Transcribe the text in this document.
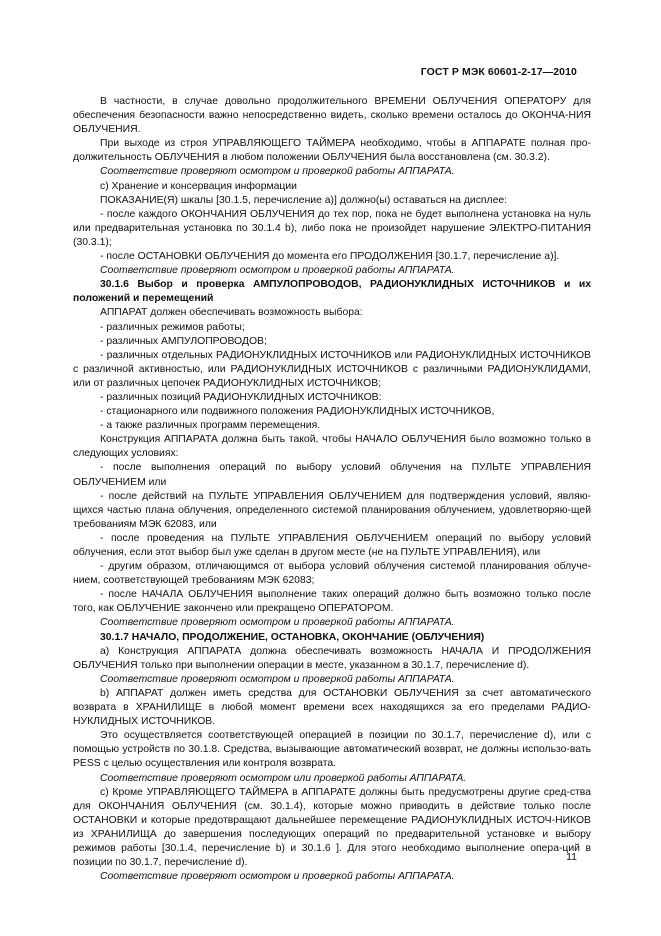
ГОСТ Р МЭК 60601-2-17—2010

В частности, в случае довольно продолжительного ВРЕМЕНИ ОБЛУЧЕНИЯ ОПЕРАТОРУ для обеспечения безопасности важно непосредственно видеть, сколько времени осталось до ОКОНЧА-НИЯ ОБЛУЧЕНИЯ.

При выходе из строя УПРАВЛЯЮЩЕГО ТАЙМЕРА необходимо, чтобы в АППАРАТЕ полная про-должительность ОБЛУЧЕНИЯ в любом положении ОБЛУЧЕНИЯ была восстановлена (см. 30.3.2).

Соответствие проверяют осмотром и проверкой работы АППАРАТА.

c) Хранение и консервация информации

ПОКАЗАНИЕ(Я) шкалы [30.1.5, перечисление а)] должно(ы) оставаться на дисплее:

- после каждого ОКОНЧАНИЯ ОБЛУЧЕНИЯ до тех пор, пока не будет выполнена установка на нуль или предварительная установка по 30.1.4 b), либо пока не произойдет нарушение ЭЛЕКТРО-ПИТАНИЯ (30.3.1);

- после ОСТАНОВКИ ОБЛУЧЕНИЯ до момента его ПРОДОЛЖЕНИЯ [30.1.7, перечисление а)].

Соответствие проверяют осмотром и проверкой работы АППАРАТА.

30.1.6 Выбор и проверка АМПУЛОПРОВОДОВ, РАДИОНУКЛИДНЫХ ИСТОЧНИКОВ и их положений и перемещений

АППАРАТ должен обеспечивать возможность выбора:

- различных режимов работы;

- различных АМПУЛОПРОВОДОВ;

- различных отдельных РАДИОНУКЛИДНЫХ ИСТОЧНИКОВ или РАДИОНУКЛИДНЫХ ИСТОЧНИКОВ с различной активностью, или РАДИОНУКЛИДНЫХ ИСТОЧНИКОВ с различными РАДИОНУКЛИДАМИ, или от различных цепочек РАДИОНУКЛИДНЫХ ИСТОЧНИКОВ;

- различных позиций РАДИОНУКЛИДНЫХ ИСТОЧНИКОВ:

- стационарного или подвижного положения РАДИОНУКЛИДНЫХ ИСТОЧНИКОВ,

- а также различных программ перемещения.

Конструкция АППАРАТА должна быть такой, чтобы НАЧАЛО ОБЛУЧЕНИЯ было возможно только в следующих условиях:

- после выполнения операций по выбору условий облучения на ПУЛЬТЕ УПРАВЛЕНИЯ ОБЛУЧЕНИЕМ или

- после действий на ПУЛЬТЕ УПРАВЛЕНИЯ ОБЛУЧЕНИЕМ для подтверждения условий, являю-щихся частью плана облучения, определенного системой планирования облучением, удовлетворяю-щей требованиям МЭК 62083, или

- после проведения на ПУЛЬТЕ УПРАВЛЕНИЯ ОБЛУЧЕНИЕМ операций по выбору условий облучения, если этот выбор был уже сделан в другом месте (не на ПУЛЬТЕ УПРАВЛЕНИЯ), или

- другим образом, отличающимся от выбора условий облучения системой планирования облуче-нием, соответствующей требованиям МЭК 62083;

- после НАЧАЛА ОБЛУЧЕНИЯ выполнение таких операций должно быть возможно только после того, как ОБЛУЧЕНИЕ закончено или прекращено ОПЕРАТОРОМ.

Соответствие проверяют осмотром и проверкой работы АППАРАТА.

30.1.7 НАЧАЛО, ПРОДОЛЖЕНИЕ, ОСТАНОВКА, ОКОНЧАНИЕ (ОБЛУЧЕНИЯ)

a) Конструкция АППАРАТА должна обеспечивать возможность НАЧАЛА И ПРОДОЛЖЕНИЯ ОБЛУЧЕНИЯ только при выполнении операции в месте, указанном в 30.1.7, перечисление d).

Соответствие проверяют осмотром и проверкой работы АППАРАТА.

b) АППАРАТ должен иметь средства для ОСТАНОВКИ ОБЛУЧЕНИЯ за счет автоматического возврата в ХРАНИЛИЩЕ в любой момент времени всех находящихся за его пределами РАДИО-НУКЛИДНЫХ ИСТОЧНИКОВ.

Это осуществляется соответствующей операцией в позиции по 30.1.7, перечисление d), или с помощью устройств по 30.1.8. Средства, вызывающие автоматический возврат, не должны использо-вать PESS с целью осуществления или контроля возврата.

Соответствие проверяют осмотром или проверкой работы АППАРАТА.

c) Кроме УПРАВЛЯЮЩЕГО ТАЙМЕРА в АППАРАТЕ должны быть предусмотрены другие сред-ства для ОКОНЧАНИЯ ОБЛУЧЕНИЯ (см. 30.1.4), которые можно приводить в действие только после ОСТАНОВКИ и которые предотвращают дальнейшее перемещение РАДИОНУКЛИДНЫХ ИСТОЧ-НИКОВ из ХРАНИЛИЩА до завершения последующих операций по предварительной установке и выбору режимов работы [30.1.4, перечисление b) и 30.1.6 ]. Для этого необходимо выполнение опера-ций в позиции по 30.1.7, перечисление d).

Соответствие проверяют осмотром и проверкой работы АППАРАТА.

11
